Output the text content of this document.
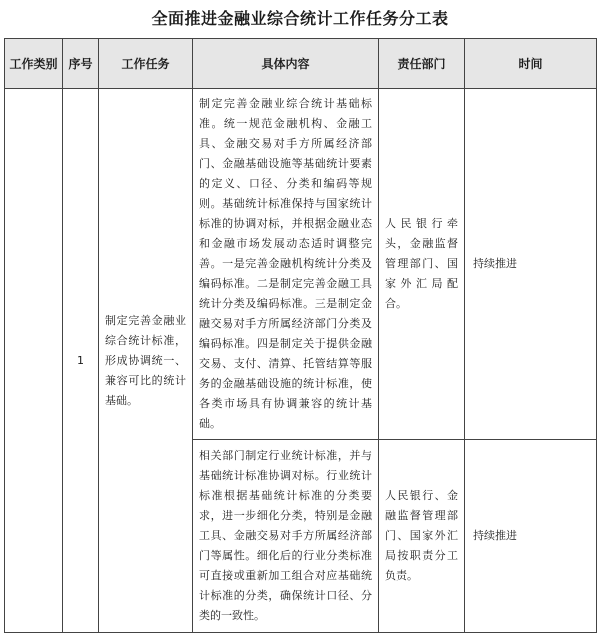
全面推进金融业综合统计工作任务分工表
工作类别	序号	工作任务	具体内容	责任部门	时间
	1	制定完善金融业综合统计标准，形成协调统一、兼容可比的统计基础。	制定完善金融业综合统计基础标准。统一规范金融机构、金融工具、金融交易对手方所属经济部门、金融基础设施等基础统计要素的定义、口径、分类和编码等规则。基础统计标准保持与国家统计标准的协调对标，并根据金融业态和金融市场发展动态适时调整完善。一是完善金融机构统计分类及编码标准。二是制定完善金融工具统计分类及编码标准。三是制定金融交易对手方所属经济部门分类及编码标准。四是制定关于提供金融交易、支付、清算、托管结算等服务的金融基础设施的统计标准，使各类市场具有协调兼容的统计基础。	人民银行牵头，金融监督管理部门、国家外汇局配合。	持续推进
			相关部门制定行业统计标准，并与基础统计标准协调对标。行业统计标准根据基础统计标准的分类要求，进一步细化分类，特别是金融工具、金融交易对手方所属经济部门等属性。细化后的行业分类标准可直接或重新加工组合对应基础统计标准的分类，确保统计口径、分类的一致性。	人民银行、金融监督管理部门、国家外汇局按职责分工负责。	持续推进
